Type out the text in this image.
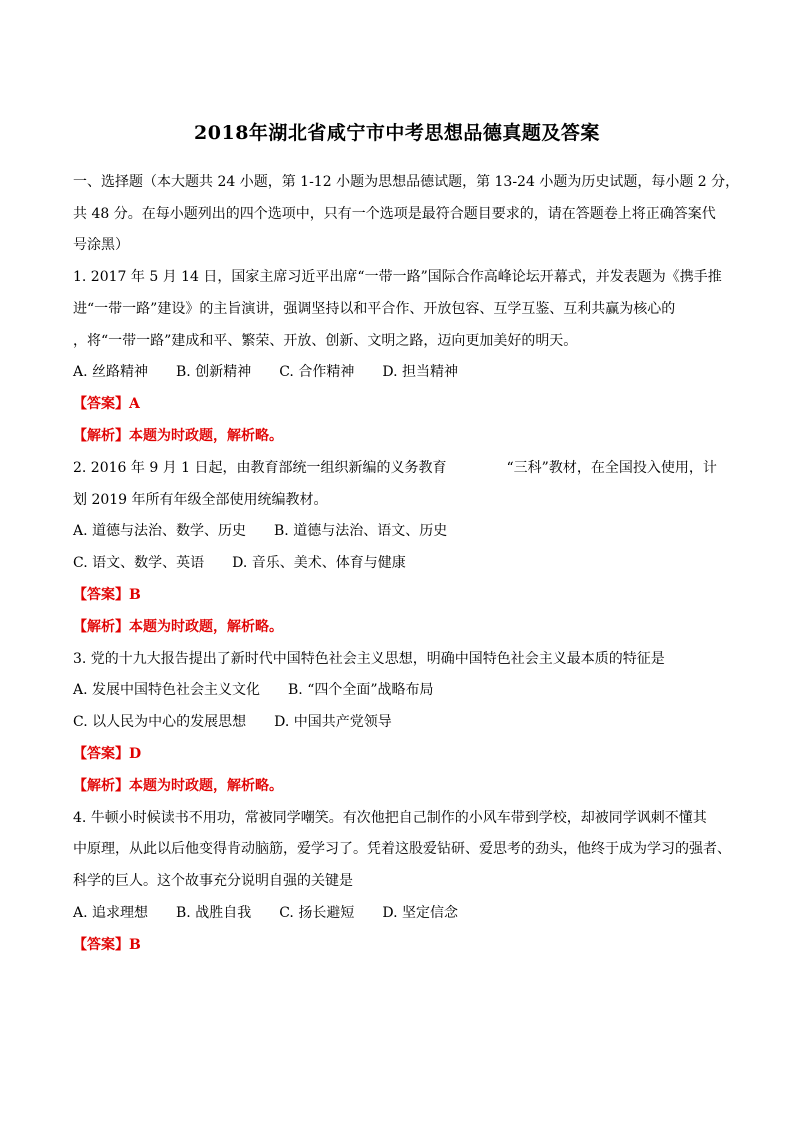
2018年湖北省咸宁市中考思想品德真题及答案
一、选择题（本大题共 24 小题，第 1-12 小题为思想品德试题，第 13-24 小题为历史试题，每小题 2 分，
共 48 分。在每小题列出的四个选项中，只有一个选项是最符合题目要求的，请在答题卷上将正确答案代
号涂黑）
1. 2017 年 5 月 14 日，国家主席习近平出席“一带一路”国际合作高峰论坛开幕式，并发表题为《携手推
进“一带一路”建设》的主旨演讲，强调坚持以和平合作、开放包容、互学互鉴、互利共赢为核心的
，将“一带一路”建成和平、繁荣、开放、创新、文明之路，迈向更加美好的明天。
A. 丝路精神 B. 创新精神 C. 合作精神 D. 担当精神
【答案】A
【解析】本题为时政题，解析略。
2. 2016 年 9 月 1 日起，由教育部统一组织新编的义务教育	“三科”教材，在全国投入使用，计
划 2019 年所有年级全部使用统编教材。
A. 道德与法治、数学、历史 B. 道德与法治、语文、历史
C. 语文、数学、英语 D. 音乐、美术、体育与健康
【答案】B
【解析】本题为时政题，解析略。
3. 党的十九大报告提出了新时代中国特色社会主义思想，明确中国特色社会主义最本质的特征是
A. 发展中国特色社会主义文化 B. “四个全面”战略布局
C. 以人民为中心的发展思想 D. 中国共产党领导
【答案】D
【解析】本题为时政题，解析略。
4. 牛顿小时候读书不用功，常被同学嘲笑。有次他把自己制作的小风车带到学校，却被同学讽刺不懂其
中原理，从此以后他变得肯动脑筋，爱学习了。凭着这股爱钻研、爱思考的劲头，他终于成为学习的强者、
科学的巨人。这个故事充分说明自强的关键是
A. 追求理想 B. 战胜自我 C. 扬长避短 D. 坚定信念
【答案】B
